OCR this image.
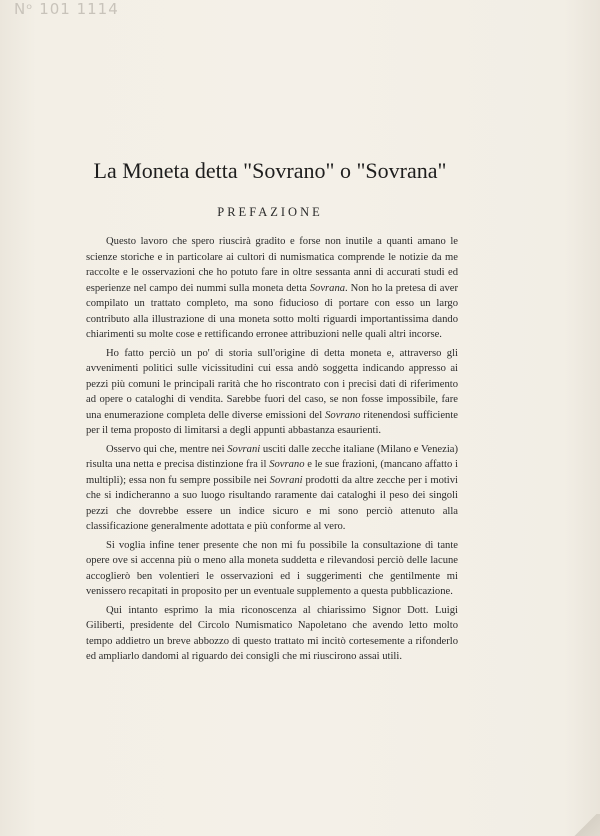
Nᵒ 101 1114
La Moneta detta "Sovrano" o "Sovrana"
PREFAZIONE

Questo lavoro che spero riuscirà gradito e forse non inutile a quanti amano le scienze storiche e in particolare ai cultori di numismatica comprende le notizie da me raccolte e le osservazioni che ho potuto fare in oltre sessanta anni di accurati studi ed esperienze nel campo dei nummi sulla moneta detta Sovrana. Non ho la pretesa di aver compilato un trattato completo, ma sono fiducioso di portare con esso un largo contributo alla illustrazione di una moneta sotto molti riguardi importantissima dando chiarimenti su molte cose e rettificando erronee attribuzioni nelle quali altri incorse.

Ho fatto perciò un po' di storia sull'origine di detta moneta e, attraverso gli avvenimenti politici sulle vicissitudini cui essa andò soggetta indicando appresso ai pezzi più comuni le principali rarità che ho riscontrato con i precisi dati di riferimento ad opere o cataloghi di vendita. Sarebbe fuori del caso, se non fosse impossibile, fare una enumerazione completa delle diverse emissioni del Sovrano ritenendosi sufficiente per il tema proposto di limitarsi a degli appunti abbastanza esaurienti.

Osservo qui che, mentre nei Sovrani usciti dalle zecche italiane (Milano e Venezia) risulta una netta e precisa distinzione fra il Sovrano e le sue frazioni, (mancano affatto i multipli); essa non fu sempre possibile nei Sovrani prodotti da altre zecche per i motivi che si indicheranno a suo luogo risultando raramente dai cataloghi il peso dei singoli pezzi che dovrebbe essere un indice sicuro e mi sono perciò attenuto alla classificazione generalmente adottata e più conforme al vero.

Si voglia infine tener presente che non mi fu possibile la consultazione di tante opere ove si accenna più o meno alla moneta suddetta e rilevandosi perciò delle lacune accoglierò ben volentieri le osservazioni ed i suggerimenti che gentilmente mi venissero recapitati in proposito per un eventuale supplemento a questa pubblicazione.

Qui intanto esprimo la mia riconoscenza al chiarissimo Signor Dott. Luigi Giliberti, presidente del Circolo Numismatico Napoletano che avendo letto molto tempo addietro un breve abbozzo di questo trattato mi incitò cortesemente a rifonderlo ed ampliarlo dandomi al riguardo dei consigli che mi riuscirono assai utili.
